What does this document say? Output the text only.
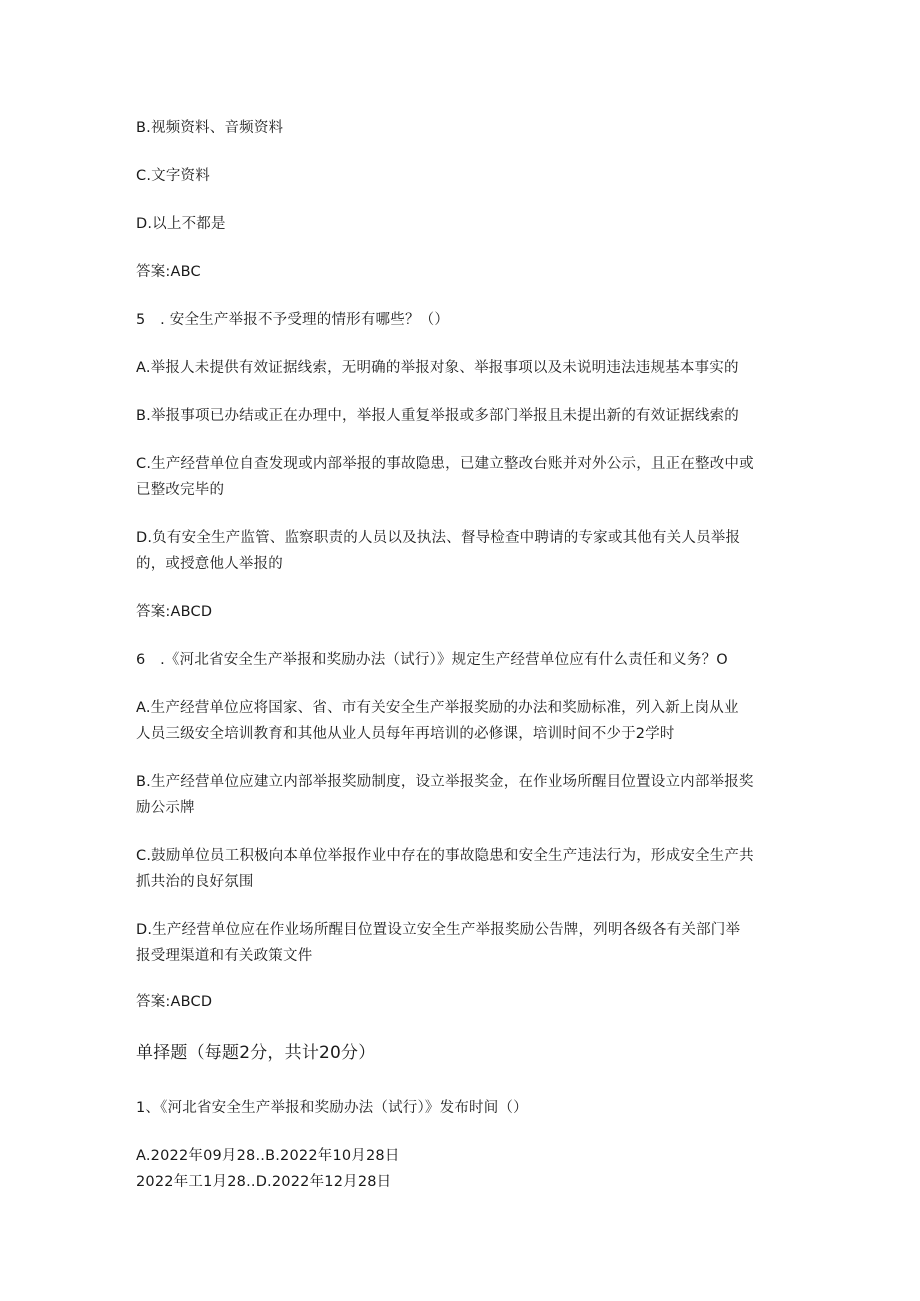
B.视频资料、音频资料
C.文字资料
D.以上不都是
答案:ABC
5　. 安全生产举报不予受理的情形有哪些？（）
A.举报人未提供有效证据线索，无明确的举报对象、举报事项以及未说明违法违规基本事实的
B.举报事项已办结或正在办理中，举报人重复举报或多部门举报且未提出新的有效证据线索的
C.生产经营单位自查发现或内部举报的事故隐患，已建立整改台账并对外公示，且正在整改中或
已整改完毕的
D.负有安全生产监管、监察职责的人员以及执法、督导检查中聘请的专家或其他有关人员举报
的，或授意他人举报的
答案:ABCD
6　.《河北省安全生产举报和奖励办法（试行）》规定生产经营单位应有什么责任和义务？O
A.生产经营单位应将国家、省、市有关安全生产举报奖励的办法和奖励标准，列入新上岗从业
人员三级安全培训教育和其他从业人员每年再培训的必修课，培训时间不少于2学时
B.生产经营单位应建立内部举报奖励制度，设立举报奖金，在作业场所醒目位置设立内部举报奖
励公示牌
C.鼓励单位员工积极向本单位举报作业中存在的事故隐患和安全生产违法行为，形成安全生产共
抓共治的良好氛围
D.生产经营单位应在作业场所醒目位置设立安全生产举报奖励公告牌，列明各级各有关部门举
报受理渠道和有关政策文件
答案:ABCD
单择题（每题2分，共计20分）
1、《河北省安全生产举报和奖励办法（试行）》发布时间（）
A.2022年09月28..B.2022年10月28日
2022年工1月28..D.2022年12月28日
